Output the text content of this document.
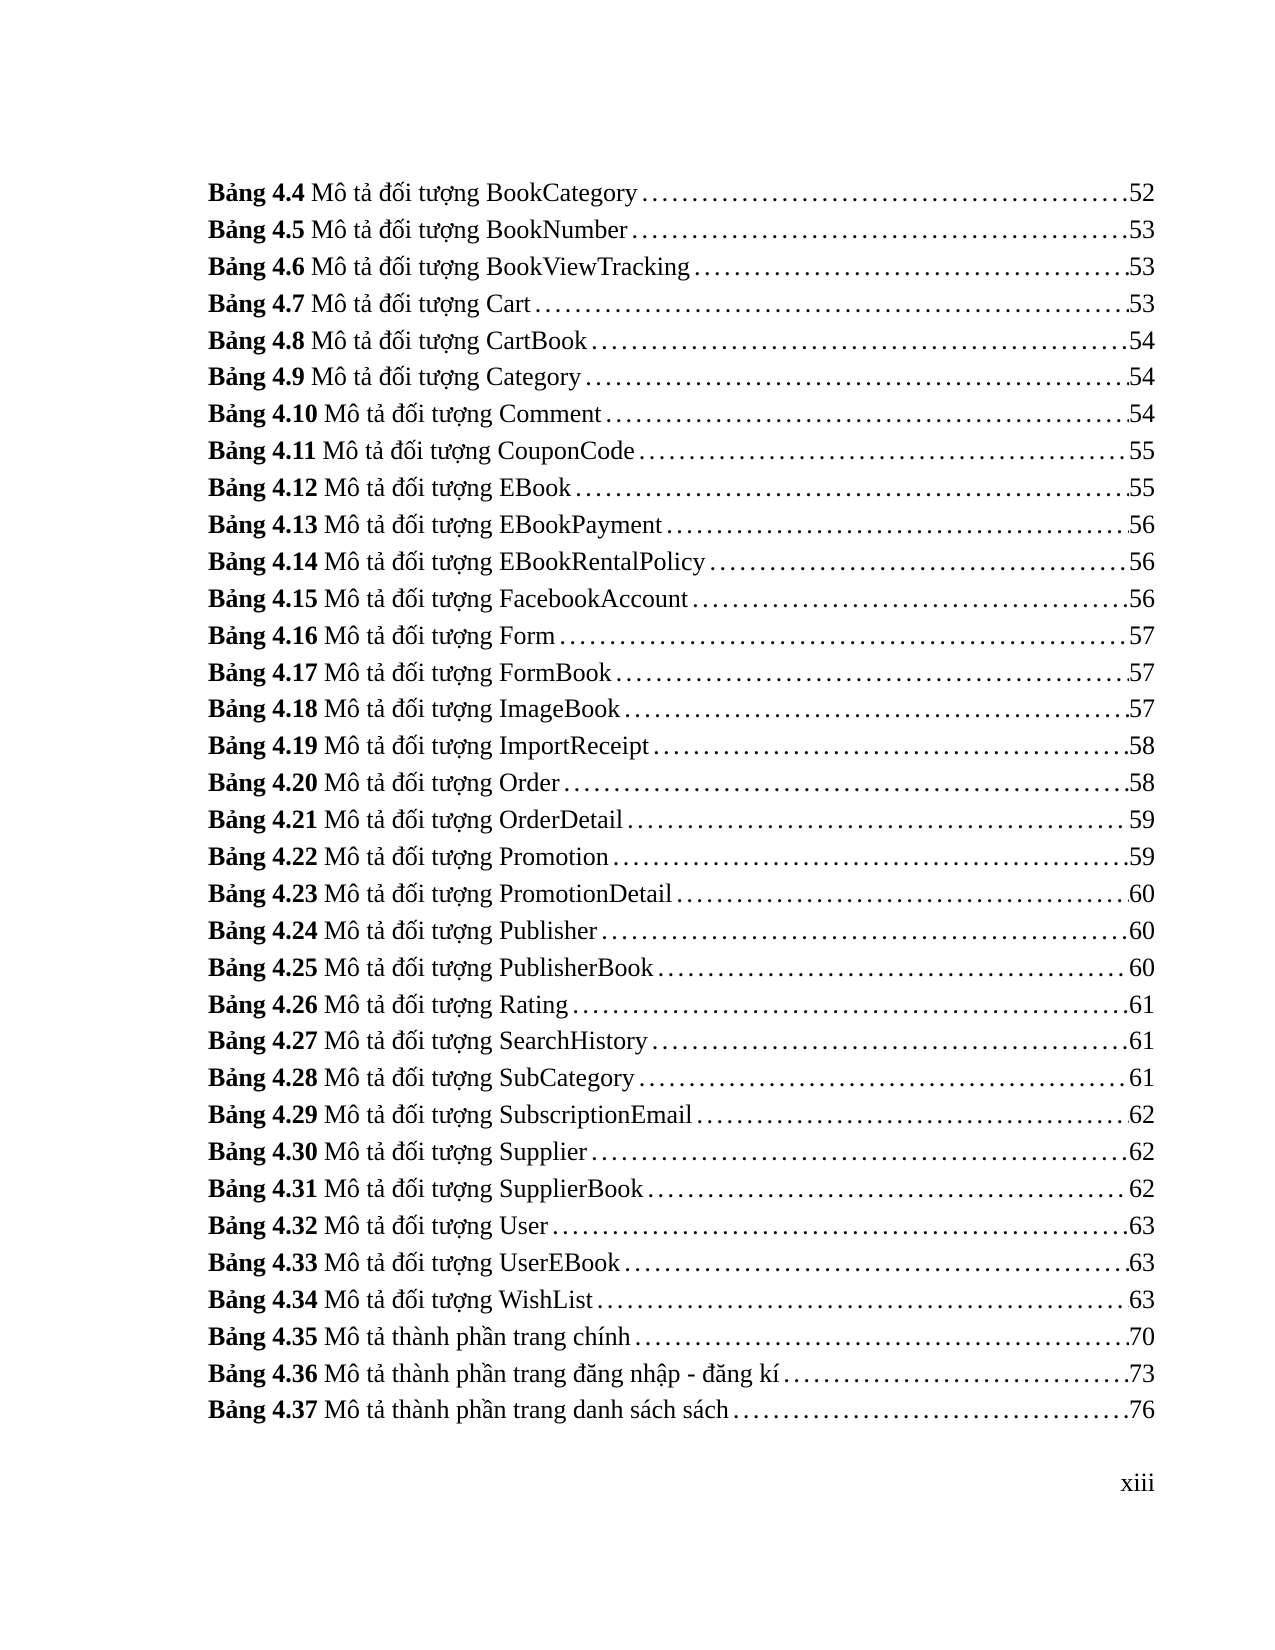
Bảng 4.4 Mô tả đối tượng BookCategory .....	52
Bảng 4.5 Mô tả đối tượng BookNumber .....	53
Bảng 4.6 Mô tả đối tượng BookViewTracking .....	53
Bảng 4.7 Mô tả đối tượng Cart .....	53
Bảng 4.8 Mô tả đối tượng CartBook .....	54
Bảng 4.9 Mô tả đối tượng Category .....	54
Bảng 4.10 Mô tả đối tượng Comment .....	54
Bảng 4.11 Mô tả đối tượng CouponCode .....	55
Bảng 4.12 Mô tả đối tượng EBook .....	55
Bảng 4.13 Mô tả đối tượng EBookPayment .....	56
Bảng 4.14 Mô tả đối tượng EBookRentalPolicy .....	56
Bảng 4.15 Mô tả đối tượng FacebookAccount .....	56
Bảng 4.16 Mô tả đối tượng Form .....	57
Bảng 4.17 Mô tả đối tượng FormBook .....	57
Bảng 4.18 Mô tả đối tượng ImageBook .....	57
Bảng 4.19 Mô tả đối tượng ImportReceipt .....	58
Bảng 4.20 Mô tả đối tượng Order .....	58
Bảng 4.21 Mô tả đối tượng OrderDetail .....	59
Bảng 4.22 Mô tả đối tượng Promotion .....	59
Bảng 4.23 Mô tả đối tượng PromotionDetail .....	60
Bảng 4.24 Mô tả đối tượng Publisher .....	60
Bảng 4.25 Mô tả đối tượng PublisherBook .....	60
Bảng 4.26 Mô tả đối tượng Rating .....	61
Bảng 4.27 Mô tả đối tượng SearchHistory .....	61
Bảng 4.28 Mô tả đối tượng SubCategory .....	61
Bảng 4.29 Mô tả đối tượng SubscriptionEmail .....	62
Bảng 4.30 Mô tả đối tượng Supplier .....	62
Bảng 4.31 Mô tả đối tượng SupplierBook .....	62
Bảng 4.32 Mô tả đối tượng User .....	63
Bảng 4.33 Mô tả đối tượng UserEBook .....	63
Bảng 4.34 Mô tả đối tượng WishList .....	63
Bảng 4.35 Mô tả thành phần trang chính .....	70
Bảng 4.36 Mô tả thành phần trang đăng nhập - đăng kí .....	73
Bảng 4.37 Mô tả thành phần trang danh sách sách .....	76
xiii
